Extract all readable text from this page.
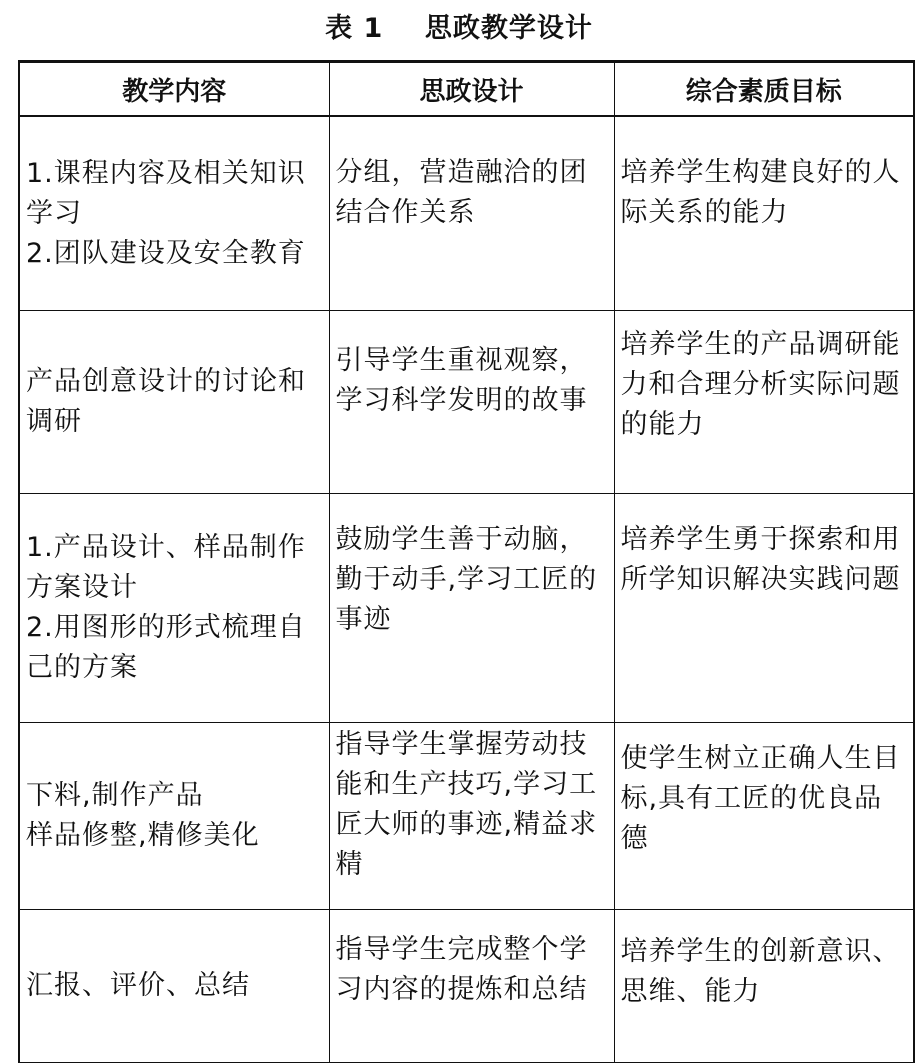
表 1    思政教学设计
教学内容	思政设计	综合素质目标

1.课程内容及相关知识学习
2.团队建设及安全教育	分组，营造融洽的团结合作关系	培养学生构建良好的人际关系的能力

产品创意设计的讨论和调研	引导学生重视观察，学习科学发明的故事	培养学生的产品调研能力和合理分析实际问题的能力

1.产品设计、样品制作方案设计
2.用图形的形式梳理自己的方案	鼓励学生善于动脑，勤于动手,学习工匠的事迹	培养学生勇于探索和用所学知识解决实践问题

下料,制作产品
样品修整,精修美化	指导学生掌握劳动技能和生产技巧,学习工匠大师的事迹,精益求精	使学生树立正确人生目标,具有工匠的优良品德

汇报、评价、总结	指导学生完成整个学习内容的提炼和总结	培养学生的创新意识、思维、能力
